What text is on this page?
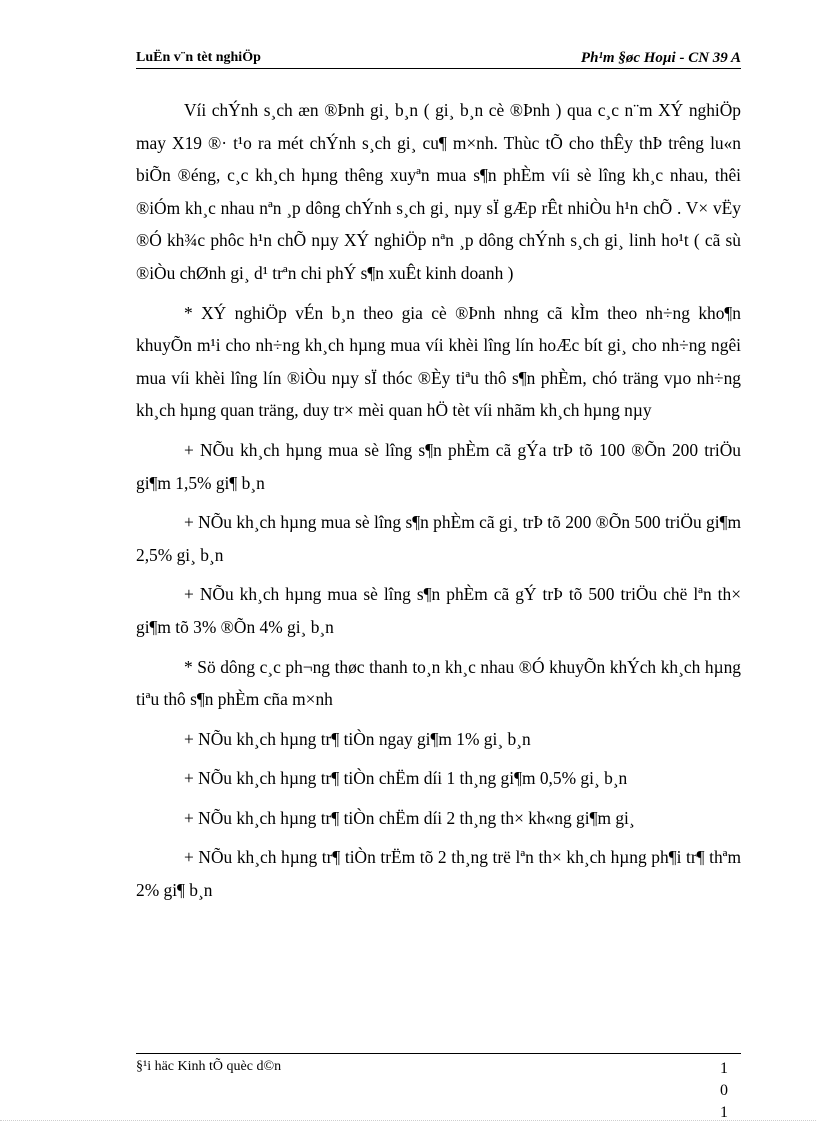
LuËn v¨n tèt nghiÖp	Ph¹m §øc Hoµi - CN 39 A

Víi chÝnh s¸ch æn ®Þnh gi¸ b¸n ( gi¸ b¸n cè ®Þnh ) qua c¸c n¨m XÝ nghiÖp may X19 ®· t¹o ra mét chÝnh s¸ch gi¸ cu¶ m×nh. Thùc tÕ cho thÊy thÞ trêng lu«n biÕn ®éng, c¸c kh¸ch hµng thêng xuyªn mua s¶n phÈm víi sè lîng kh¸c nhau, thêi ®iÓm kh¸c nhau nªn ¸p dông chÝnh s¸ch gi¸ nµy sÏ gÆp rÊt nhiÒu h¹n chÕ . V× vËy ®Ó kh¾c phôc h¹n chÕ nµy XÝ nghiÖp nªn ¸p dông chÝnh s¸ch gi¸ linh ho¹t ( cã sù ®iÒu chØnh gi¸ d¹ trªn chi phÝ s¶n xuÊt kinh doanh )

* XÝ nghiÖp vÉn b¸n theo gia cè ®Þnh nhng cã kÌm theo nh÷ng kho¶n khuyÕn m¹i cho nh÷ng kh¸ch hµng mua víi khèi lîng lín hoÆc bít gi¸ cho nh÷ng ngêi mua víi khèi lîng lín ®iÒu nµy sÏ thóc ®Èy tiªu thô s¶n phÈm, chó träng vµo nh÷ng kh¸ch hµng quan träng, duy tr× mèi quan hÖ tèt víi nhãm kh¸ch hµng nµy

+ NÕu kh¸ch hµng mua sè lîng s¶n phÈm cã gÝa trÞ tõ 100 ®Õn 200 triÖu gi¶m 1,5% gi¶ b¸n

+ NÕu kh¸ch hµng mua sè lîng s¶n phÈm cã gi¸ trÞ tõ 200 ®Õn 500 triÖu gi¶m 2,5% gi¸ b¸n

+ NÕu kh¸ch hµng mua sè lîng s¶n phÈm cã gÝ trÞ tõ 500 triÖu chë lªn th× gi¶m tõ 3% ®Õn 4% gi¸ b¸n

* Sö dông c¸c ph¬ng thøc thanh to¸n kh¸c nhau ®Ó khuyÕn khÝch kh¸ch hµng tiªu thô s¶n phÈm cña m×nh

+ NÕu kh¸ch hµng tr¶ tiÒn ngay gi¶m 1% gi¸ b¸n

+ NÕu kh¸ch hµng tr¶ tiÒn chËm díi 1 th¸ng gi¶m 0,5% gi¸ b¸n

+ NÕu kh¸ch hµng tr¶ tiÒn chËm díi 2 th¸ng th× kh«ng gi¶m gi¸

+ NÕu kh¸ch hµng tr¶ tiÒn trËm tõ 2 th¸ng trë lªn th× kh¸ch hµng ph¶i tr¶ thªm 2% gi¶ b¸n

§¹i häc Kinh tÕ quèc d©n	1
0
1
